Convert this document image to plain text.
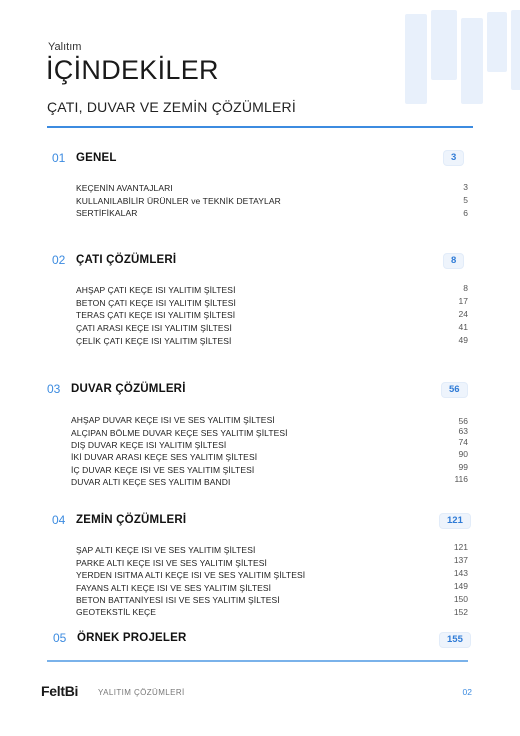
Yalıtım
İÇİNDEKİLER
ÇATI, DUVAR VE ZEMİN ÇÖZÜMLERİ
01 GENEL	3
KEÇENİN AVANTAJLARI	3
KULLANILABİLİR ÜRÜNLER ve TEKNİK DETAYLAR	5
SERTİFİKALAR	6
02 ÇATI ÇÖZÜMLERİ	8
AHŞAP ÇATI KEÇE ISI YALITIM ŞİLTESİ	8
BETON ÇATI KEÇE ISI YALITIM ŞİLTESİ	17
TERAS ÇATI KEÇE ISI YALITIM ŞİLTESİ	24
ÇATI ARASI KEÇE ISI YALITIM ŞİLTESİ	41
ÇELİK ÇATI KEÇE ISI YALITIM ŞİLTESİ	49
03 DUVAR ÇÖZÜMLERİ	56
AHŞAP DUVAR KEÇE ISI VE SES YALITIM ŞİLTESİ	56
ALÇIPAN BÖLME DUVAR KEÇE SES YALITIM ŞİLTESİ	63
DIŞ DUVAR KEÇE ISI YALITIM ŞİLTESİ	74
İKİ DUVAR ARASI KEÇE SES YALITIM ŞİLTESİ	90
İÇ DUVAR KEÇE ISI VE SES YALITIM ŞİLTESİ	99
DUVAR ALTI KEÇE SES YALITIM BANDI	116
04 ZEMİN ÇÖZÜMLERİ	121
ŞAP ALTI KEÇE ISI VE SES YALITIM ŞİLTESİ	121
PARKE ALTI KEÇE ISI VE SES YALITIM ŞİLTESİ	137
YERDEN ISITMA ALTI KEÇE ISI VE SES YALITIM ŞİLTESİ	143
FAYANS ALTI KEÇE ISI VE SES YALITIM ŞİLTESİ	149
BETON BATTANİYESİ ISI VE SES YALITIM ŞİLTESİ	150
GEOTEKSTİL KEÇE	152
05 ÖRNEK PROJELER	155
FeltBi YALITIM ÇÖZÜMLERİ	02
